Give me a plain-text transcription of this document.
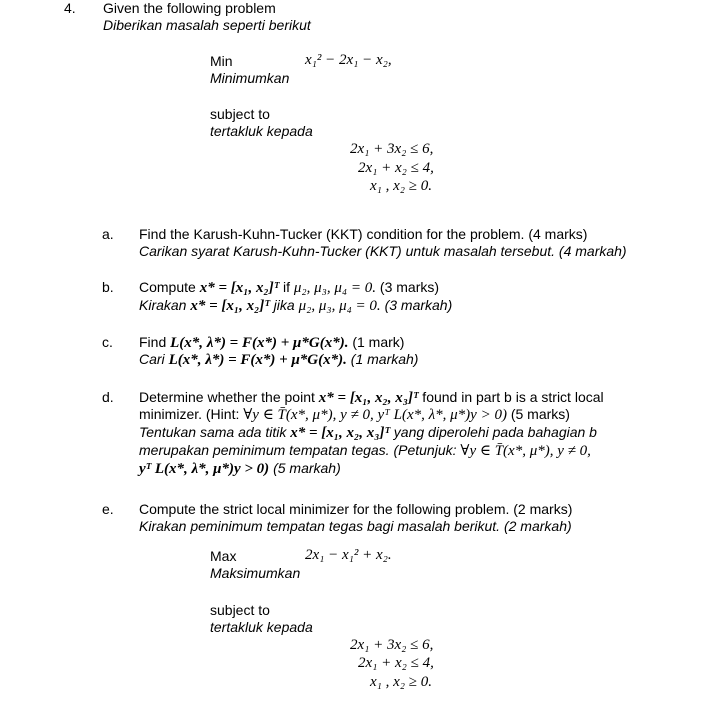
4. Given the following problem
Diberikan masalah seperti berikut
Min
Minimumkan
x₁² − 2x₁ − x₂,
subject to
tertakluk kepada
2x₁ + 3x₂ ≤ 6,
2x₁ + x₂ ≤ 4,
x₁ , x₂ ≥ 0.
a. Find the Karush-Kuhn-Tucker (KKT) condition for the problem. (4 marks)
Carikan syarat Karush-Kuhn-Tucker (KKT) untuk masalah tersebut. (4 markah)
b. Compute x* = [x₁, x₂]ᵀ if μ₂, μ₃, μ₄ = 0. (3 marks)
Kirakan x* = [x₁, x₂]ᵀ jika μ₂, μ₃, μ₄ = 0. (3 markah)
c. Find L(x*, λ*) = F(x*) + μ*G(x*). (1 mark)
Cari L(x*, λ*) = F(x*) + μ*G(x*). (1 markah)
d. Determine whether the point x* = [x₁, x₂, x₃]ᵀ found in part b is a strict local
minimizer. (Hint: ∀y ∈ T̄(x*, μ*), y ≠ 0, yᵀ L(x*, λ*, μ*)y > 0) (5 marks)
Tentukan sama ada titik x* = [x₁, x₂, x₃]ᵀ yang diperolehi pada bahagian b
merupakan peminimum tempatan tegas. (Petunjuk: ∀y ∈ T̄(x*, μ*), y ≠ 0,
yᵀ L(x*, λ*, μ*)y > 0) (5 markah)
e. Compute the strict local minimizer for the following problem. (2 marks)
Kirakan peminimum tempatan tegas bagi masalah berikut. (2 markah)
Max
Maksimumkan
2x₁ − x₁² + x₂.
subject to
tertakluk kepada
2x₁ + 3x₂ ≤ 6,
2x₁ + x₂ ≤ 4,
x₁ , x₂ ≥ 0.
